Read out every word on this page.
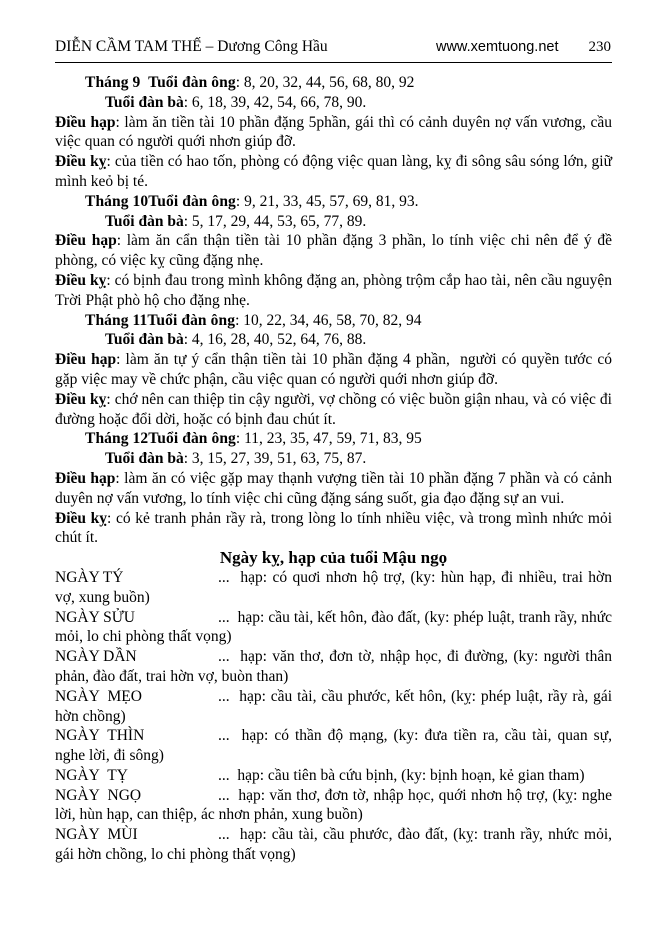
DIỄN CẦM TAM THẾ – Dương Công Hầu	www.xemtuong.net 230

Tháng 9  Tuổi đàn ông: 8, 20, 32, 44, 56, 68, 80, 92

Tuổi đàn bà: 6, 18, 39, 42, 54, 66, 78, 90.

Điều hạp: làm ăn tiền tài 10 phần đặng 5phần, gái thì có cảnh duyên nợ vấn vương, cầu việc quan có người quới nhơn giúp đỡ.

Điều kỵ: của tiền có hao tốn, phòng có động việc quan làng, kỵ đi sông sâu sóng lớn, giữ mình keỏ bị té.

Tháng 10Tuổi đàn ông: 9, 21, 33, 45, 57, 69, 81, 93.

Tuổi đàn bà: 5, 17, 29, 44, 53, 65, 77, 89.

Điều hạp: làm ăn cẩn thận tiền tài 10 phần đặng 3 phần, lo tính việc chi nên để ý đề phòng, có việc kỵ cũng đặng nhẹ.

Điều kỵ: có bịnh đau trong mình không đặng an, phòng trộm cắp hao tài, nên cầu nguyện Trời Phật phò hộ cho đặng nhẹ.

Tháng 11Tuổi đàn ông: 10, 22, 34, 46, 58, 70, 82, 94

Tuổi đàn bà: 4, 16, 28, 40, 52, 64, 76, 88.

Điều hạp: làm ăn tự ý cẩn thận tiền tài 10 phần đặng 4 phần,  người có quyền tước có gặp việc may về chức phận, cầu việc quan có người quới nhơn giúp đỡ.

Điều kỵ: chớ nên can thiệp tin cậy người, vợ chồng có việc buồn giận nhau, và có việc đi đường hoặc đổi dời, hoặc có bịnh đau chút ít.

Tháng 12Tuổi đàn ông: 11, 23, 35, 47, 59, 71, 83, 95

Tuổi đàn bà: 3, 15, 27, 39, 51, 63, 75, 87.

Điều hạp: làm ăn có việc gặp may thạnh vượng tiền tài 10 phần đặng 7 phần và có cảnh duyên nợ vấn vương, lo tính việc chi cũng đặng sáng suốt, gia đạo đặng sự an vui.

Điều kỵ: có kẻ tranh phản rầy rà, trong lòng lo tính nhiều việc, và trong mình nhức mỏi chút ít.

Ngày kỵ, hạp của tuổi Mậu ngọ

NGÀY TÝ	...  hạp: có quơi nhơn hộ trợ, (ky: hùn hạp, đi nhiều, trai hờn vợ, xung buồn)

NGÀY SỬU	...  hạp: cầu tài, kết hôn, đào đất, (ky: phép luật, tranh rầy, nhức mỏi, lo chi phòng thất vọng)

NGÀY DẦN	...  hạp: văn thơ, đơn tờ, nhập học, đi đường, (ky: người thân phản, đào đất, trai hờn vợ, buòn than)

NGÀY  MẸO	...  hạp: cầu tài, cầu phước, kết hôn, (kỵ: phép luật, rầy rà, gái hờn chồng)

NGÀY  THÌN	...  hạp: có thần độ mạng, (ky: đưa tiền ra, cầu tài, quan sự, nghe lời, đi sông)

NGÀY  TỴ	...  hạp: cầu tiên bà cứu bịnh, (ky: bịnh hoạn, kẻ gian tham)

NGÀY  NGỌ	...  hạp: văn thơ, đơn tờ, nhập học, quới nhơn hộ trợ, (kỵ: nghe lời, hùn hạp, can thiệp, ác nhơn phản, xung buồn)

NGÀY  MÙI	...  hạp: cầu tài, cầu phước, đào đất, (kỵ: tranh rầy, nhức mỏi, gái hờn chồng, lo chi phòng thất vọng)
